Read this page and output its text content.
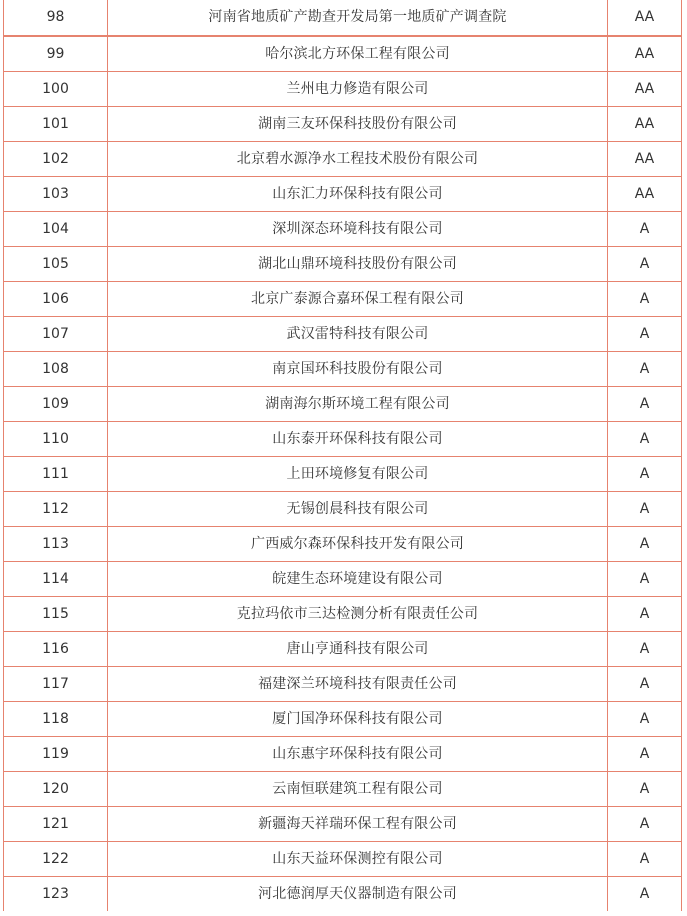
98	河南省地质矿产勘查开发局第一地质矿产调查院	AA
99	哈尔滨北方环保工程有限公司	AA
100	兰州电力修造有限公司	AA
101	湖南三友环保科技股份有限公司	AA
102	北京碧水源净水工程技术股份有限公司	AA
103	山东汇力环保科技有限公司	AA
104	深圳深态环境科技有限公司	A
105	湖北山鼎环境科技股份有限公司	A
106	北京广泰源合嘉环保工程有限公司	A
107	武汉雷特科技有限公司	A
108	南京国环科技股份有限公司	A
109	湖南海尔斯环境工程有限公司	A
110	山东泰开环保科技有限公司	A
111	上田环境修复有限公司	A
112	无锡创晨科技有限公司	A
113	广西威尔森环保科技开发有限公司	A
114	皖建生态环境建设有限公司	A
115	克拉玛依市三达检测分析有限责任公司	A
116	唐山亨通科技有限公司	A
117	福建深兰环境科技有限责任公司	A
118	厦门国净环保科技有限公司	A
119	山东惠宇环保科技有限公司	A
120	云南恒联建筑工程有限公司	A
121	新疆海天祥瑞环保工程有限公司	A
122	山东天益环保测控有限公司	A
123	河北德润厚天仪器制造有限公司	A
